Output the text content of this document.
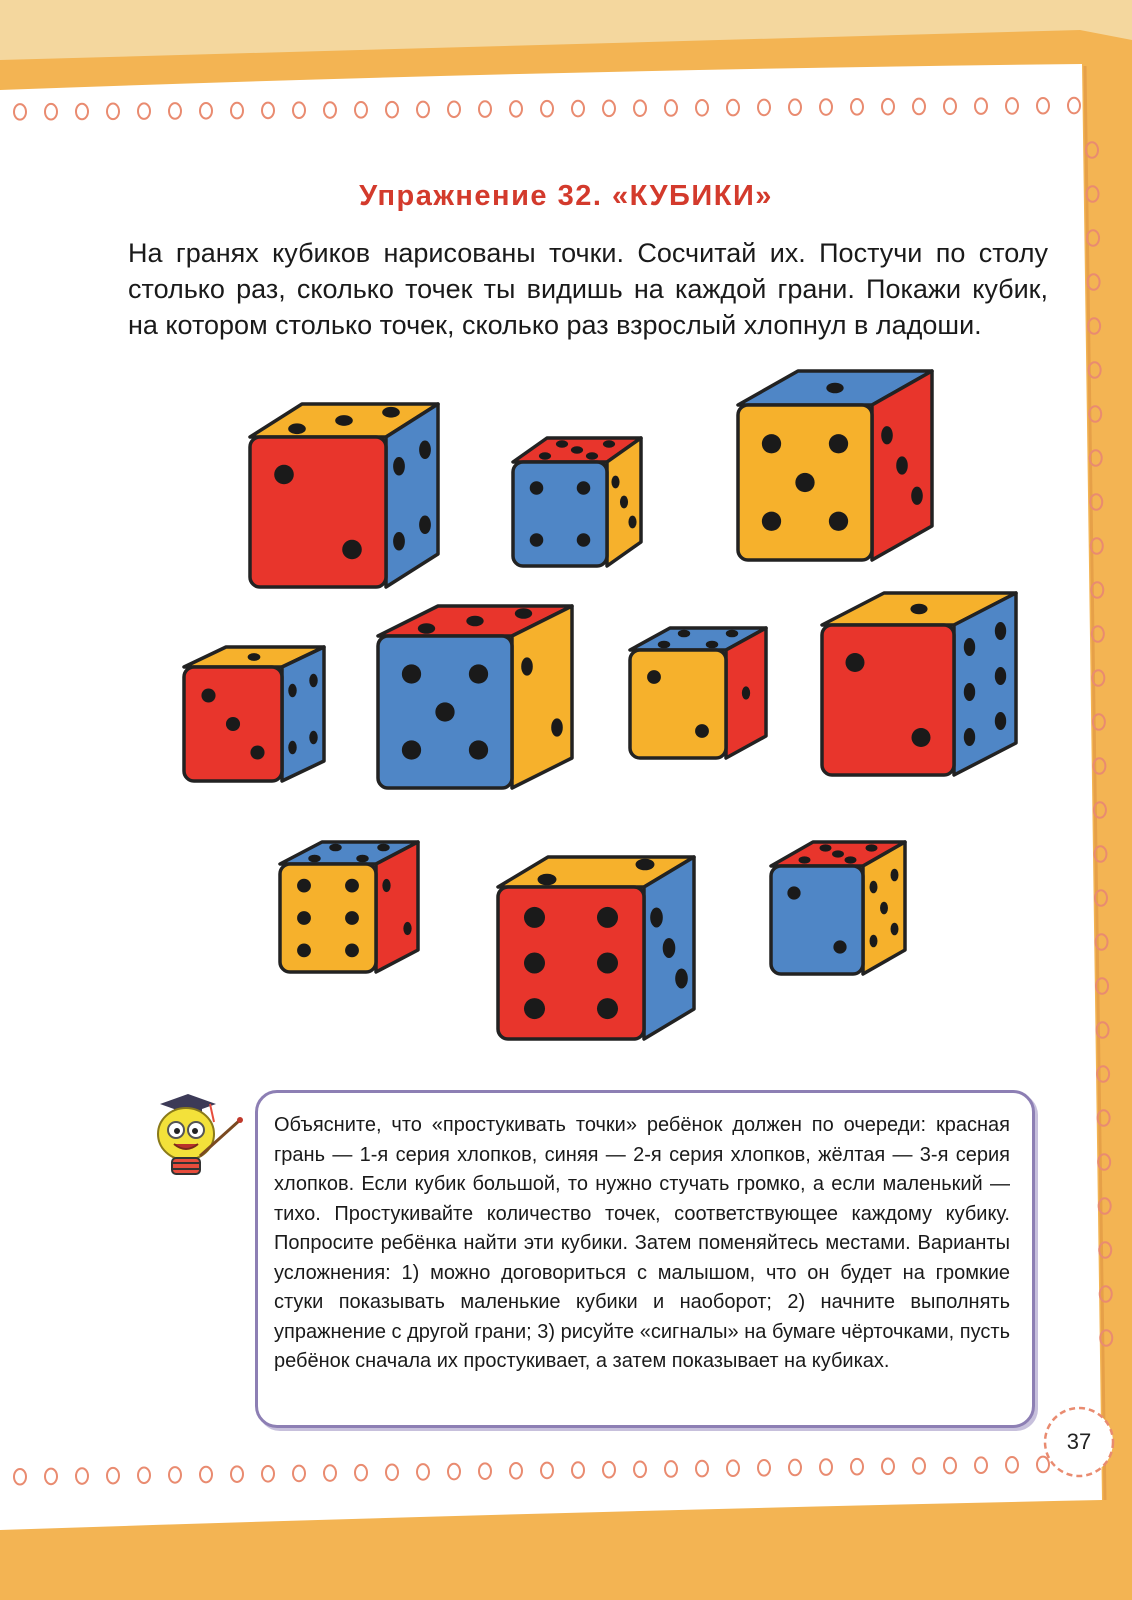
Упражнение 32. «КУБИКИ»
На гранях кубиков нарисованы точки. Сосчитай их. Постучи по столу столько раз, сколько точек ты видишь на каждой грани. Покажи кубик, на котором столько точек, сколько раз взрослый хлопнул в ладоши.
Объясните, что «простукивать точки» ребёнок должен по очереди: красная грань — 1-я серия хлопков, синяя — 2-я серия хлопков, жёлтая — 3-я серия хлопков. Если кубик большой, то нужно стучать громко, а если маленький — тихо. Простукивайте количество точек, соответствующее каждому кубику. Попросите ребёнка найти эти кубики. Затем поменяйтесь местами. Варианты усложнения: 1) можно договориться с малышом, что он будет на громкие стуки показывать маленькие кубики и наоборот; 2) начните выполнять упражнение с другой грани; 3) рисуйте «сигналы» на бумаге чёрточками, пусть ребёнок сначала их простукивает, а затем показывает на кубиках.
37
